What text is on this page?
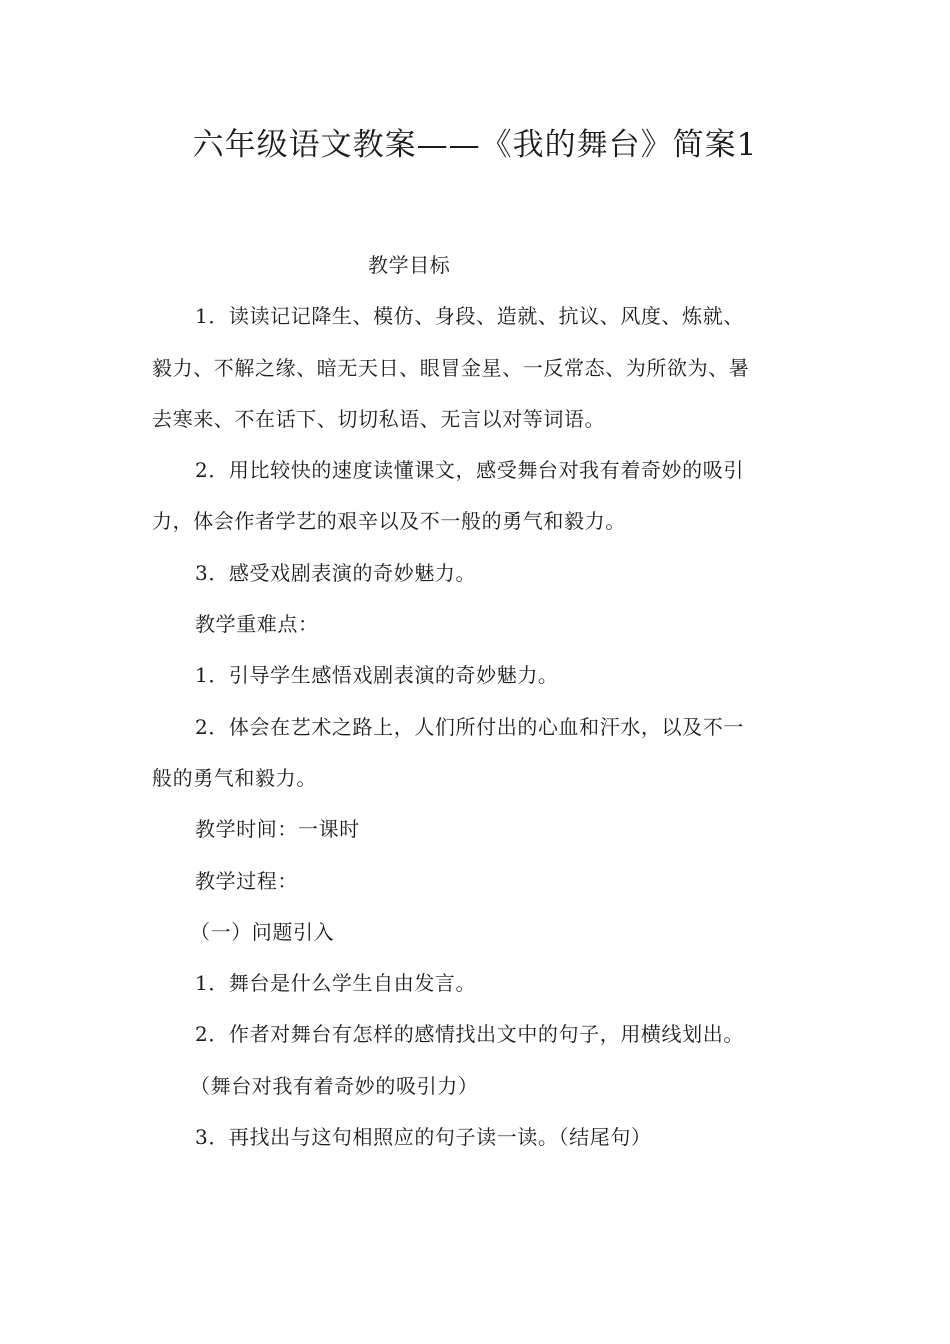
六年级语文教案——《我的舞台》简案1
教学目标
1．读读记记降生、模仿、身段、造就、抗议、风度、炼就、
毅力、不解之缘、暗无天日、眼冒金星、一反常态、为所欲为、暑
去寒来、不在话下、切切私语、无言以对等词语。
2．用比较快的速度读懂课文，感受舞台对我有着奇妙的吸引
力，体会作者学艺的艰辛以及不一般的勇气和毅力。
3．感受戏剧表演的奇妙魅力。
教学重难点：
1．引导学生感悟戏剧表演的奇妙魅力。
2．体会在艺术之路上，人们所付出的心血和汗水，以及不一
般的勇气和毅力。
教学时间：一课时
教学过程：
（一）问题引入
1．舞台是什么学生自由发言。
2．作者对舞台有怎样的感情找出文中的句子，用横线划出。
（舞台对我有着奇妙的吸引力）
3．再找出与这句相照应的句子读一读。（结尾句）
